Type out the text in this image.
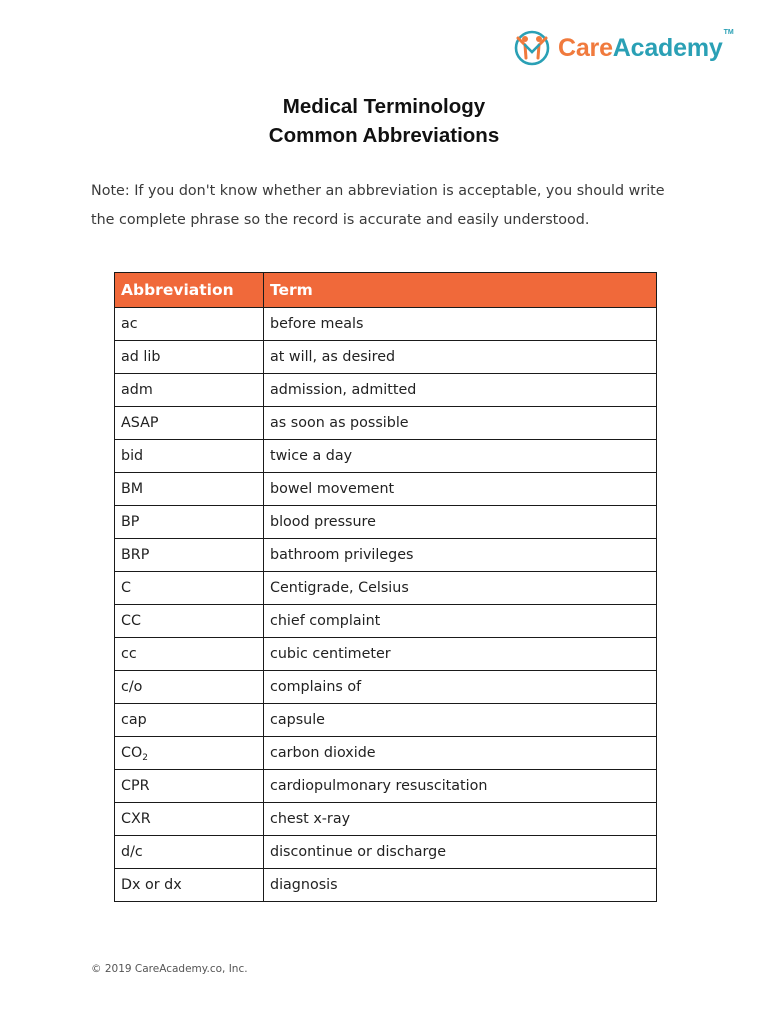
CareAcademy
TM
Medical Terminology
Common Abbreviations
Note: If you don't know whether an abbreviation is acceptable, you should write the complete phrase so the record is accurate and easily understood.
Abbreviation	Term
ac	before meals
ad lib	at will, as desired
adm	admission, admitted
ASAP	as soon as possible
bid	twice a day
BM	bowel movement
BP	blood pressure
BRP	bathroom privileges
C	Centigrade, Celsius
CC	chief complaint
cc	cubic centimeter
c/o	complains of
cap	capsule
$CO_2$	carbon dioxide
CPR	cardiopulmonary resuscitation
CXR	chest x-ray
d/c	discontinue or discharge
Dx or dx	diagnosis
© 2019 CareAcademy.co, Inc.
